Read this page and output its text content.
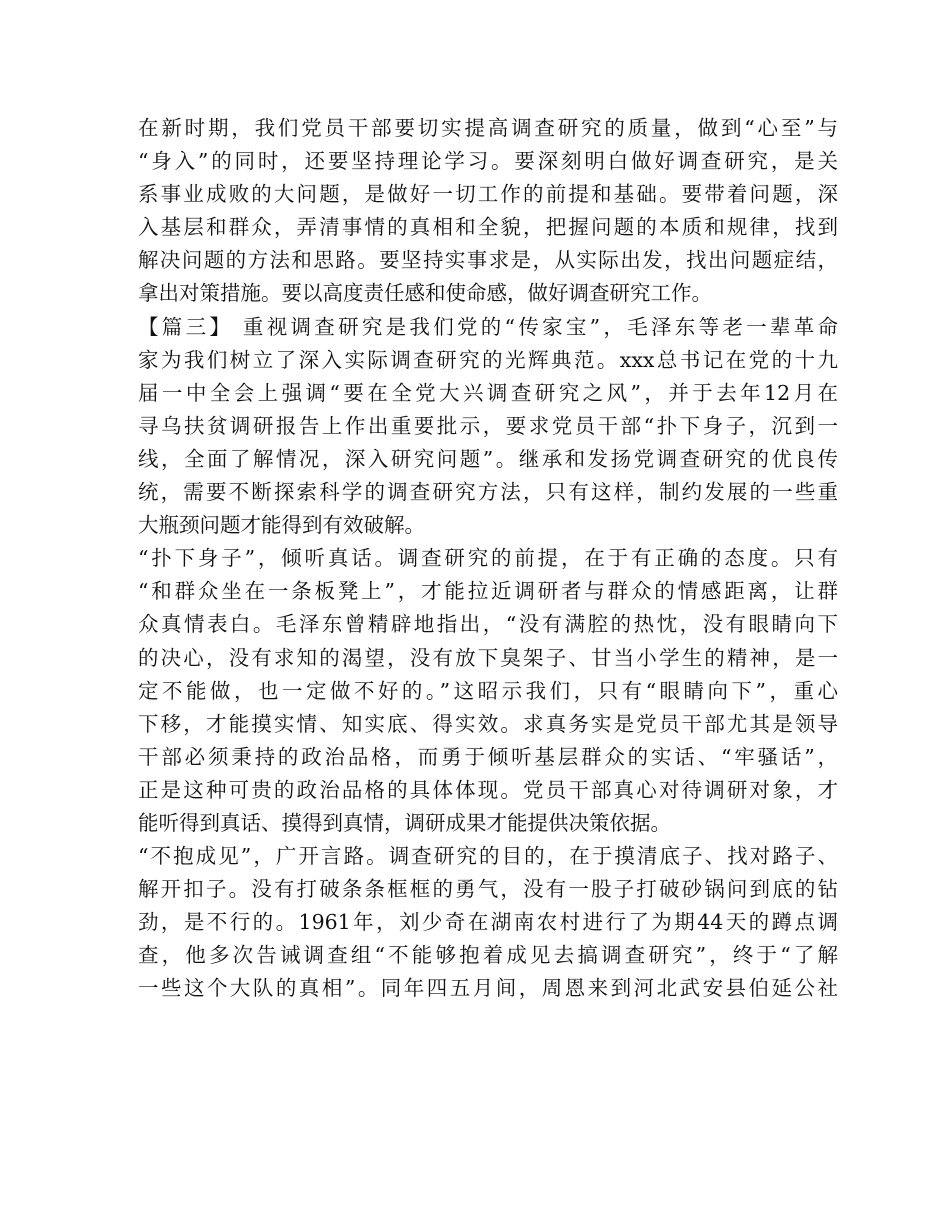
在新时期，我们党员干部要切实提高调查研究的质量，做到“心至”与
“身入”的同时，还要坚持理论学习。要深刻明白做好调查研究，是关
系事业成败的大问题，是做好一切工作的前提和基础。要带着问题，深
入基层和群众，弄清事情的真相和全貌，把握问题的本质和规律，找到
解决问题的方法和思路。要坚持实事求是，从实际出发，找出问题症结，
拿出对策措施。要以高度责任感和使命感，做好调查研究工作。
【篇三】 重视调查研究是我们党的“传家宝”，毛泽东等老一辈革命
家为我们树立了深入实际调查研究的光辉典范。xxx总书记在党的十九
届一中全会上强调“要在全党大兴调查研究之风”，并于去年12月在
寻乌扶贫调研报告上作出重要批示，要求党员干部“扑下身子，沉到一
线，全面了解情况，深入研究问题”。继承和发扬党调查研究的优良传
统，需要不断探索科学的调查研究方法，只有这样，制约发展的一些重
大瓶颈问题才能得到有效破解。
“扑下身子”，倾听真话。调查研究的前提，在于有正确的态度。只有
“和群众坐在一条板凳上”，才能拉近调研者与群众的情感距离，让群
众真情表白。毛泽东曾精辟地指出，“没有满腔的热忱，没有眼睛向下
的决心，没有求知的渴望，没有放下臭架子、甘当小学生的精神，是一
定不能做，也一定做不好的。”这昭示我们，只有“眼睛向下”，重心
下移，才能摸实情、知实底、得实效。求真务实是党员干部尤其是领导
干部必须秉持的政治品格，而勇于倾听基层群众的实话、“牢骚话”，
正是这种可贵的政治品格的具体体现。党员干部真心对待调研对象，才
能听得到真话、摸得到真情，调研成果才能提供决策依据。
“不抱成见”，广开言路。调查研究的目的，在于摸清底子、找对路子、
解开扣子。没有打破条条框框的勇气，没有一股子打破砂锅问到底的钻
劲，是不行的。1961年，刘少奇在湖南农村进行了为期44天的蹲点调
查，他多次告诫调查组“不能够抱着成见去搞调查研究”，终于“了解
一些这个大队的真相”。同年四五月间，周恩来到河北武安县伯延公社
